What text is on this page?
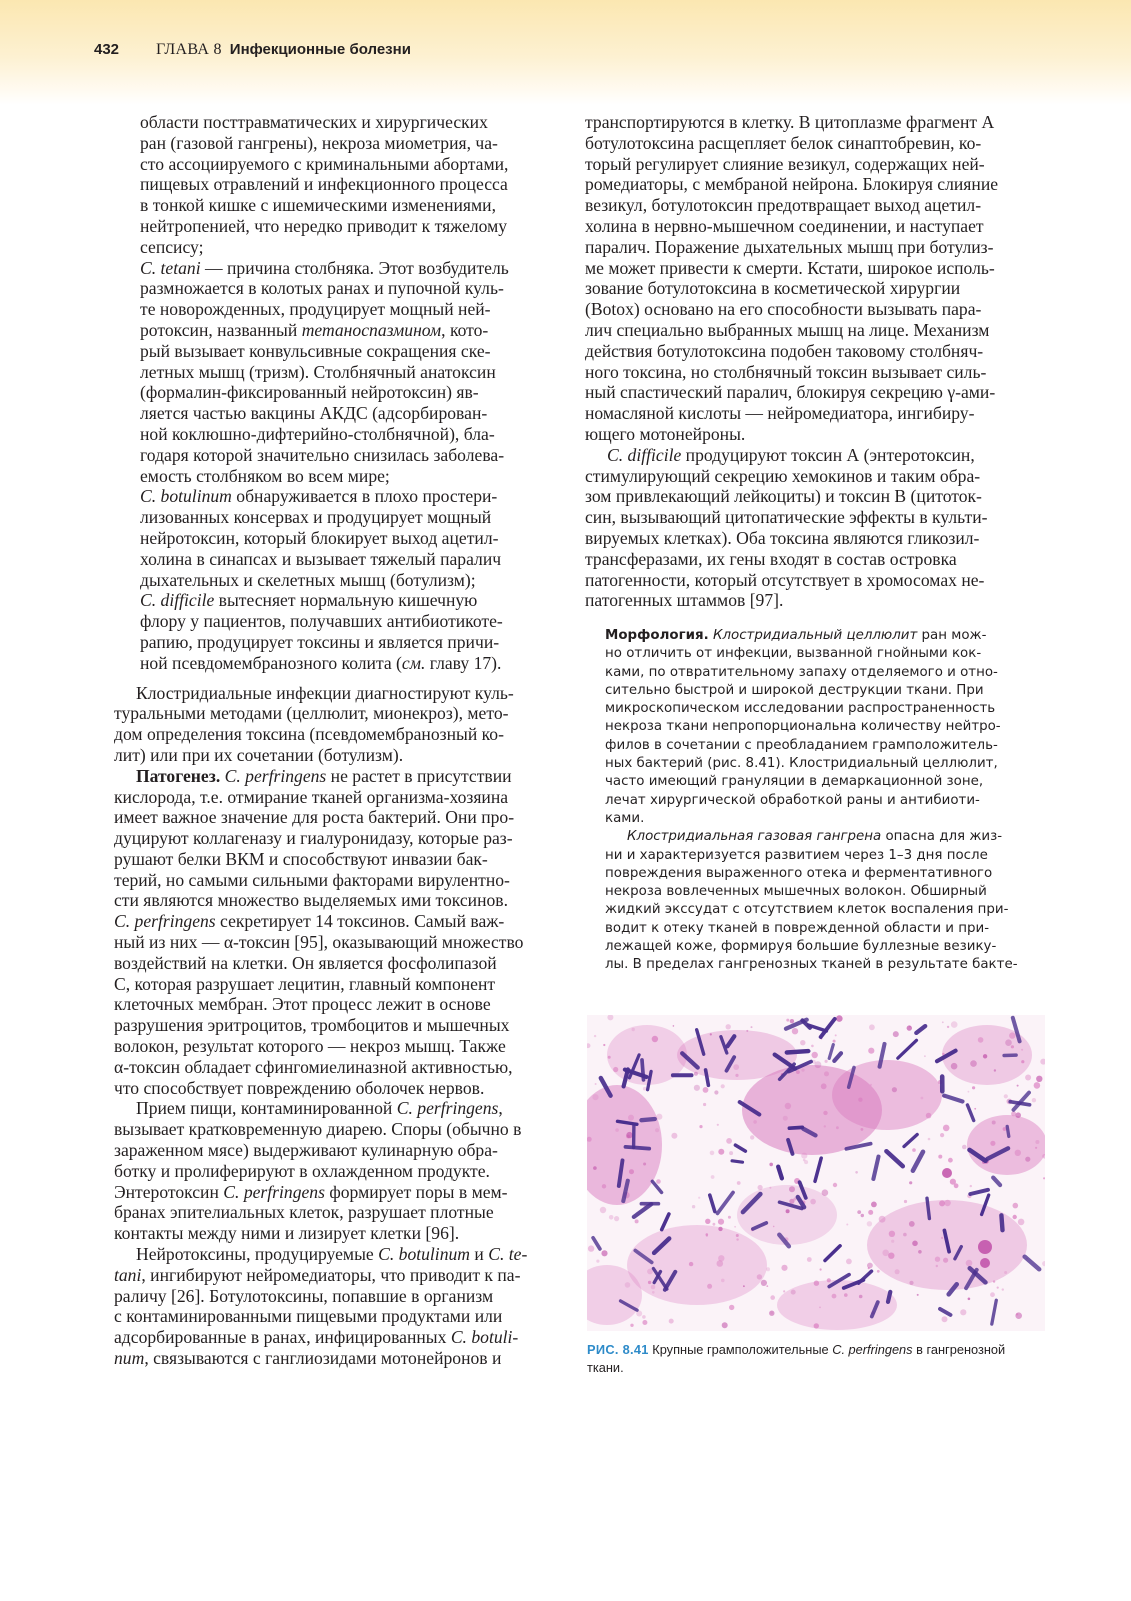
432 ГЛАВА 8 Инфекционные болезни
области посттравматических и хирургических
ран (газовой гангрены), некроза миометрия, ча-
сто ассоциируемого с криминальными абортами,
пищевых отравлений и инфекционного процесса
в тонкой кишке с ишемическими изменениями,
нейтропенией, что нередко приводит к тяжелому
сепсису;
C. tetani — причина столбняка. Этот возбудитель
размножается в колотых ранах и пупочной куль-
те новорожденных, продуцирует мощный ней-
ротоксин, названный тетаноспазмином, кото-
рый вызывает конвульсивные сокращения ске-
летных мышц (тризм). Столбнячный анатоксин
(формалин-фиксированный нейротоксин) яв-
ляется частью вакцины АКДС (адсорбирован-
ной коклюшно-дифтерийно-столбнячной), бла-
годаря которой значительно снизилась заболева-
емость столбняком во всем мире;
C. botulinum обнаруживается в плохо простери-
лизованных консервах и продуцирует мощный
нейротоксин, который блокирует выход ацетил-
холина в синапсах и вызывает тяжелый паралич
дыхательных и скелетных мышц (ботулизм);
C. difficile вытесняет нормальную кишечную
флору у пациентов, получавших антибиотикоте-
рапию, продуцирует токсины и является причи-
ной псевдомембранозного колита (см. главу 17).
Клостридиальные инфекции диагностируют куль-
туральными методами (целлюлит, мионекроз), мето-
дом определения токсина (псевдомембранозный ко-
лит) или при их сочетании (ботулизм).
Патогенез. C. perfringens не растет в присутствии
кислорода, т.е. отмирание тканей организма-хозяина
имеет важное значение для роста бактерий. Они про-
дуцируют коллагеназу и гиалуронидазу, которые раз-
рушают белки ВКМ и способствуют инвазии бак-
терий, но самыми сильными факторами вирулентно-
сти являются множество выделяемых ими токсинов.
C. perfringens секретирует 14 токсинов. Самый важ-
ный из них — α-токсин [95], оказывающий множество
воздействий на клетки. Он является фосфолипазой
С, которая разрушает лецитин, главный компонент
клеточных мембран. Этот процесс лежит в основе
разрушения эритроцитов, тромбоцитов и мышечных
волокон, результат которого — некроз мышц. Также
α-токсин обладает сфингомиелиназной активностью,
что способствует повреждению оболочек нервов.
Прием пищи, контаминированной C. perfringens,
вызывает кратковременную диарею. Споры (обычно в
зараженном мясе) выдерживают кулинарную обра-
ботку и пролиферируют в охлажденном продукте.
Энтеротоксин C. perfringens формирует поры в мем-
бранах эпителиальных клеток, разрушает плотные
контакты между ними и лизирует клетки [96].
Нейротоксины, продуцируемые C. botulinum и C. te-
tani, ингибируют нейромедиаторы, что приводит к па-
раличу [26]. Ботулотоксины, попавшие в организм
с контаминированными пищевыми продуктами или
адсорбированные в ранах, инфицированных C. botuli-
num, связываются с ганглиозидами мотонейронов и
транспортируются в клетку. В цитоплазме фрагмент А
ботулотоксина расщепляет белок синаптобревин, ко-
торый регулирует слияние везикул, содержащих ней-
ромедиаторы, с мембраной нейрона. Блокируя слияние
везикул, ботулотоксин предотвращает выход ацетил-
холина в нервно-мышечном соединении, и наступает
паралич. Поражение дыхательных мышц при ботулиз-
ме может привести к смерти. Кстати, широкое исполь-
зование ботулотоксина в косметической хирургии
(Botox) основано на его способности вызывать пара-
лич специально выбранных мышц на лице. Механизм
действия ботулотоксина подобен таковому столбняч-
ного токсина, но столбнячный токсин вызывает силь-
ный спастический паралич, блокируя секрецию γ-ами-
номасляной кислоты — нейромедиатора, ингибиру-
ющего мотонейроны.
C. difficile продуцируют токсин А (энтеротоксин,
стимулирующий секрецию хемокинов и таким обра-
зом привлекающий лейкоциты) и токсин В (цитоток-
син, вызывающий цитопатические эффекты в культи-
вируемых клетках). Оба токсина являются гликозил-
трансферазами, их гены входят в состав островка
патогенности, который отсутствует в хромосомах не-
патогенных штаммов [97].
Морфология. Клостридиальный целлюлит ран мож-
но отличить от инфекции, вызванной гнойными кок-
ками, по отвратительному запаху отделяемого и отно-
сительно быстрой и широкой деструкции ткани. При
микроскопическом исследовании распространенность
некроза ткани непропорциональна количеству нейтро-
филов в сочетании с преобладанием грамположитель-
ных бактерий (рис. 8.41). Клостридиальный целлюлит,
часто имеющий грануляции в демаркационной зоне,
лечат хирургической обработкой раны и антибиоти-
ками.
Клостридиальная газовая гангрена опасна для жиз-
ни и характеризуется развитием через 1–3 дня после
повреждения выраженного отека и ферментативного
некроза вовлеченных мышечных волокон. Обширный
жидкий экссудат с отсутствием клеток воспаления при-
водит к отеку тканей в поврежденной области и при-
лежащей коже, формируя большие буллезные везику-
лы. В пределах гангренозных тканей в результате бакте-
РИС. 8.41 Крупные грамположительные C. perfringens в гангренозной
ткани.
